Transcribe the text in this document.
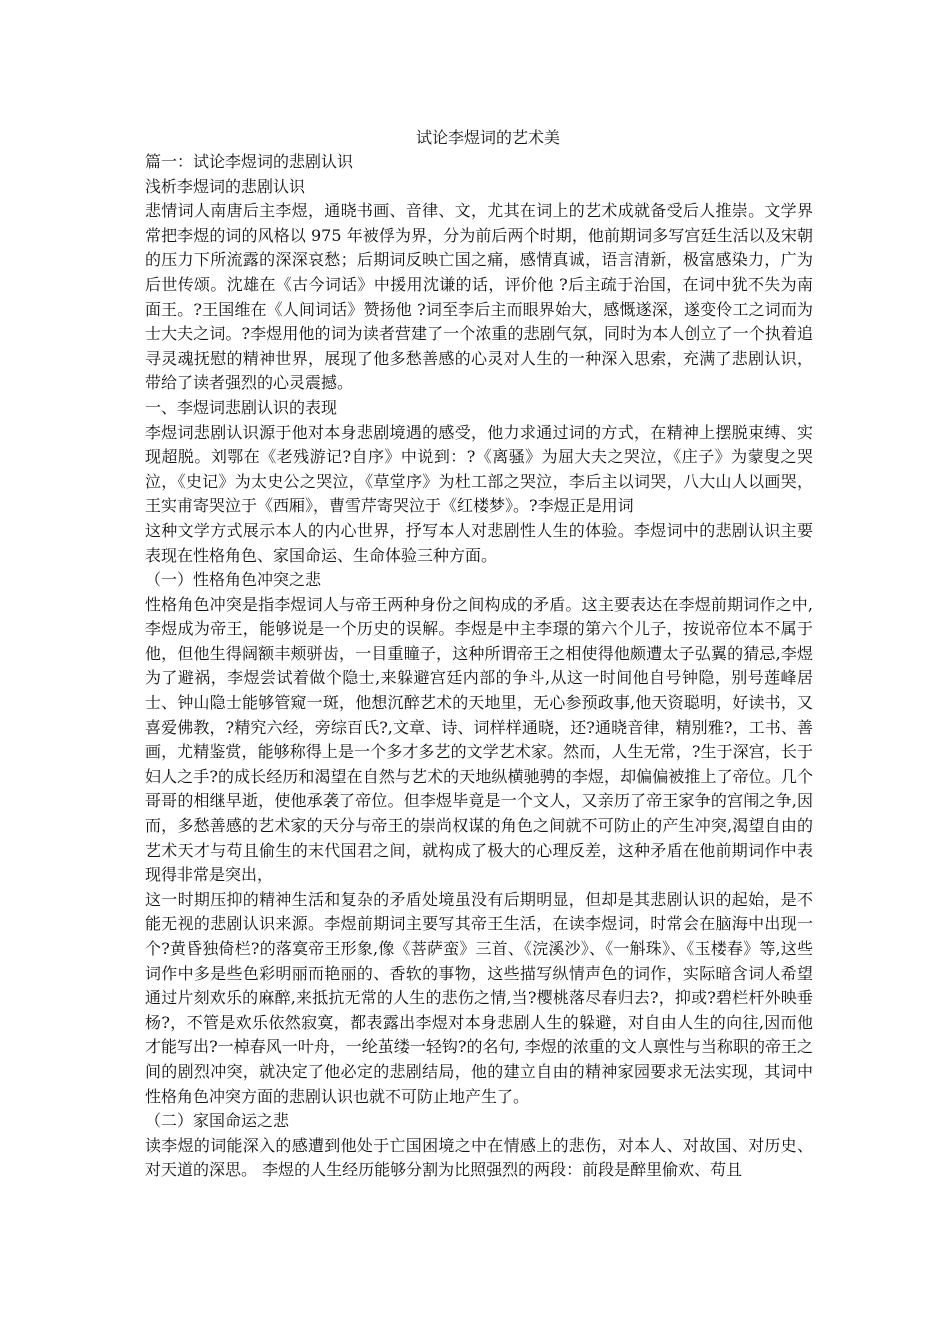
试论李煜词的艺术美

篇一：试论李煜词的悲剧认识

浅析李煜词的悲剧认识

悲情词人南唐后主李煜，通晓书画、音律、文，尤其在词上的艺术成就备受后人推崇。文学界常把李煜的词的风格以 975 年被俘为界，分为前后两个时期，他前期词多写宫廷生活以及宋朝的压力下所流露的深深哀愁；后期词反映亡国之痛，感情真诚，语言清新，极富感染力，广为后世传颂。沈雄在《古今词话》中援用沈谦的话，评价他 ?后主疏于治国，在词中犹不失为南面王。?王国维在《人间词话》赞扬他 ?词至李后主而眼界始大，感慨遂深，遂变伶工之词而为士大夫之词。?李煜用他的词为读者营建了一个浓重的悲剧气氛，同时为本人创立了一个执着追寻灵魂抚慰的精神世界，展现了他多愁善感的心灵对人生的一种深入思索，充满了悲剧认识，带给了读者强烈的心灵震撼。

一、李煜词悲剧认识的表现

李煜词悲剧认识源于他对本身悲剧境遇的感受，他力求通过词的方式，在精神上摆脱束缚、实现超脱。刘鄂在《老残游记?自序》中说到：?《离骚》为屈大夫之哭泣，《庄子》为蒙叟之哭泣，《史记》为太史公之哭泣，《草堂序》为杜工部之哭泣，李后主以词哭，八大山人以画哭，王实甫寄哭泣于《西厢》，曹雪芹寄哭泣于《红楼梦》。?李煜正是用词

这种文学方式展示本人的内心世界，抒写本人对悲剧性人生的体验。李煜词中的悲剧认识主要表现在性格角色、家国命运、生命体验三种方面。

（一）性格角色冲突之悲

性格角色冲突是指李煜词人与帝王两种身份之间构成的矛盾。这主要表达在李煜前期词作之中,李煜成为帝王，能够说是一个历史的误解。李煜是中主李璟的第六个儿子，按说帝位本不属于他，但他生得阔额丰颊骈齿，一目重瞳子，这种所谓帝王之相使得他颇遭太子弘翼的猜忌,李煜为了避祸，李煜尝试着做个隐士,来躲避宫廷内部的争斗,从这一时间他自号钟隐，别号莲峰居士、钟山隐士能够管窥一斑，他想沉醉艺术的天地里，无心参预政事,他天资聪明，好读书，又喜爱佛教，?精究六经，旁综百氏?,文章、诗、词样样通晓，还?通晓音律，精别雅?，工书、善画，尤精鉴赏，能够称得上是一个多才多艺的文学艺术家。然而，人生无常，?生于深宫，长于妇人之手?的成长经历和渴望在自然与艺术的天地纵横驰骋的李煜，却偏偏被推上了帝位。几个哥哥的相继早逝，使他承袭了帝位。但李煜毕竟是一个文人，又亲历了帝王家争的宫闱之争,因而，多愁善感的艺术家的天分与帝王的崇尚权谋的角色之间就不可防止的产生冲突,渴望自由的艺术天才与苟且偷生的末代国君之间，就构成了极大的心理反差，这种矛盾在他前期词作中表现得非常是突出，

这一时期压抑的精神生活和复杂的矛盾处境虽没有后期明显，但却是其悲剧认识的起始，是不能无视的悲剧认识来源。李煜前期词主要写其帝王生活，在读李煜词，时常会在脑海中出现一个?黄昏独倚栏?的落寞帝王形象,像《菩萨蛮》三首、《浣溪沙》、《一斛珠》、《玉楼春》等,这些词作中多是些色彩明丽而艳丽的、香软的事物，这些描写纵情声色的词作，实际暗含词人希望通过片刻欢乐的麻醉,来抵抗无常的人生的悲伤之情,当?樱桃落尽春归去?，抑或?碧栏杆外映垂杨?，不管是欢乐依然寂寞，都表露出李煜对本身悲剧人生的躲避，对自由人生的向往,因而他才能写出?一棹春风一叶舟，一纶茧缕一轻钩?的名句, 李煜的浓重的文人禀性与当称职的帝王之间的剧烈冲突，就决定了他必定的悲剧结局，他的建立自由的精神家园要求无法实现，其词中性格角色冲突方面的悲剧认识也就不可防止地产生了。

（二）家国命运之悲

读李煜的词能深入的感遭到他处于亡国困境之中在情感上的悲伤，对本人、对故国、对历史、对天道的深思。 李煜的人生经历能够分割为比照强烈的两段：前段是醉里偷欢、苟且
